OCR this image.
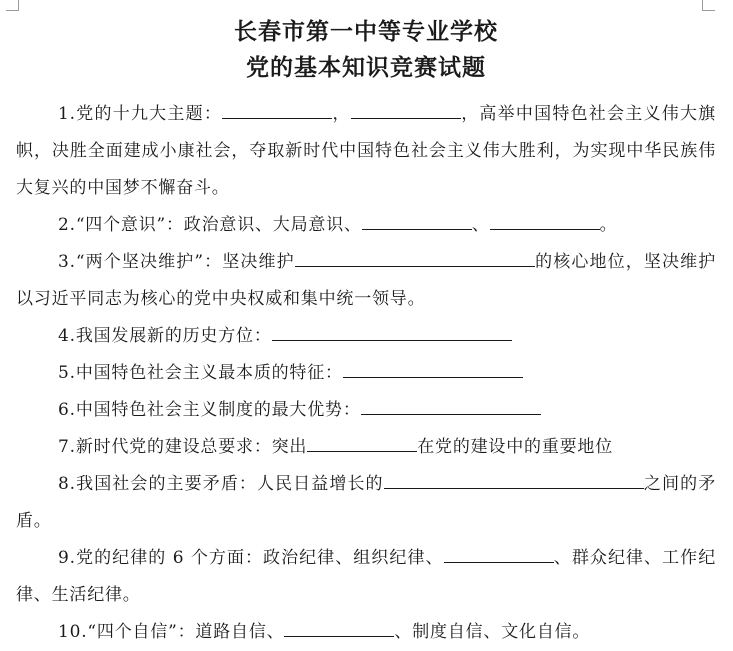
长春市第一中等专业学校
党的基本知识竞赛试题

1.党的十九大主题：	，	，高举中国特色社会主义伟大旗帜，决胜全面建成小康社会，夺取新时代中国特色社会主义伟大胜利，为实现中华民族伟大复兴的中国梦不懈奋斗。

2.“四个意识”：政治意识、大局意识、	、	。

3.“两个坚决维护”：坚决维护	的核心地位，坚决维护以习近平同志为核心的党中央权威和集中统一领导。

4.我国发展新的历史方位：

5.中国特色社会主义最本质的特征：

6.中国特色社会主义制度的最大优势：

7.新时代党的建设总要求：突出	在党的建设中的重要地位

8.我国社会的主要矛盾：人民日益增长的	之间的矛盾。

9.党的纪律的 6 个方面：政治纪律、组织纪律、	、群众纪律、工作纪律、生活纪律。

10.“四个自信”：道路自信、	、制度自信、文化自信。
